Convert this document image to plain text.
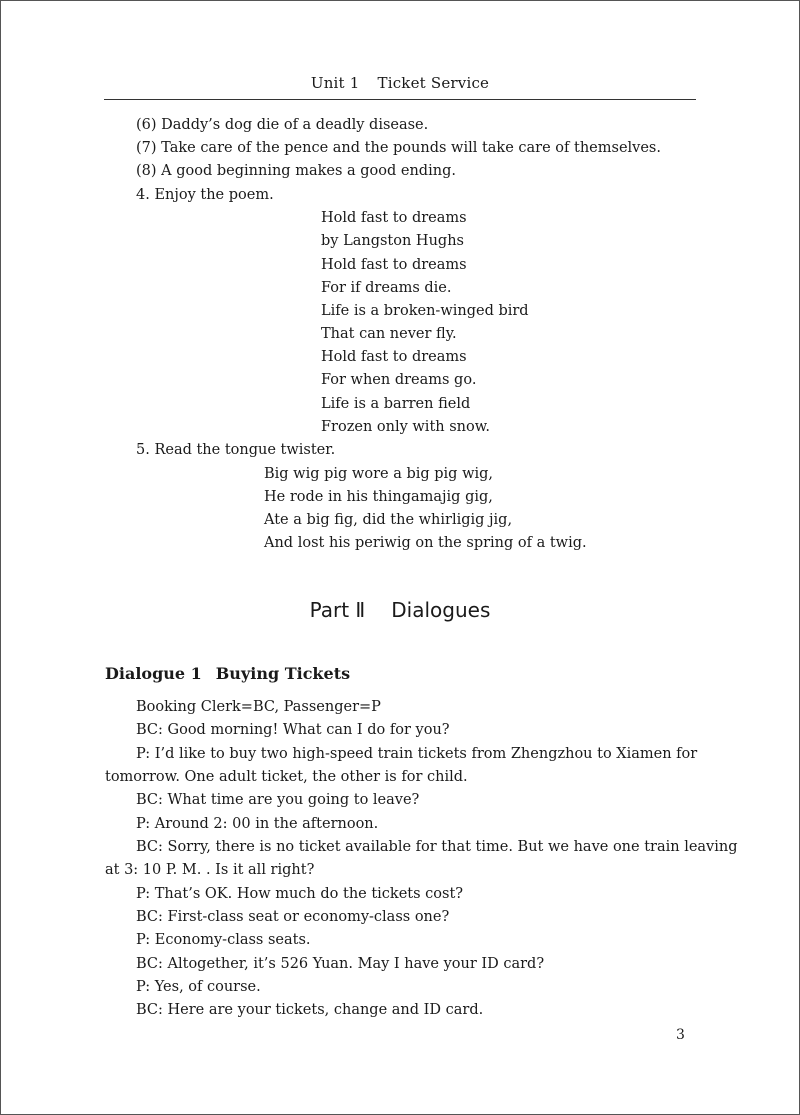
Unit 1 Ticket Service
(6) Daddy’s dog die of a deadly disease.
(7) Take care of the pence and the pounds will take care of themselves.
(8) A good beginning makes a good ending.
4. Enjoy the poem.
Hold fast to dreams
by Langston Hughs
Hold fast to dreams
For if dreams die.
Life is a broken-winged bird
That can never fly.
Hold fast to dreams
For when dreams go.
Life is a barren field
Frozen only with snow.
5. Read the tongue twister.
Big wig pig wore a big pig wig,
He rode in his thingamajig gig,
Ate a big fig, did the whirligig jig,
And lost his periwig on the spring of a twig.
Part Ⅱ Dialogues
Dialogue 1 Buying Tickets
Booking Clerk=BC, Passenger=P
BC: Good morning! What can I do for you?
P: I’d like to buy two high-speed train tickets from Zhengzhou to Xiamen for
tomorrow. One adult ticket, the other is for child.
BC: What time are you going to leave?
P: Around 2: 00 in the afternoon.
BC: Sorry, there is no ticket available for that time. But we have one train leaving
at 3: 10 P. M. . Is it all right?
P: That’s OK. How much do the tickets cost?
BC: First-class seat or economy-class one?
P: Economy-class seats.
BC: Altogether, it’s 526 Yuan. May I have your ID card?
P: Yes, of course.
BC: Here are your tickets, change and ID card.
3
